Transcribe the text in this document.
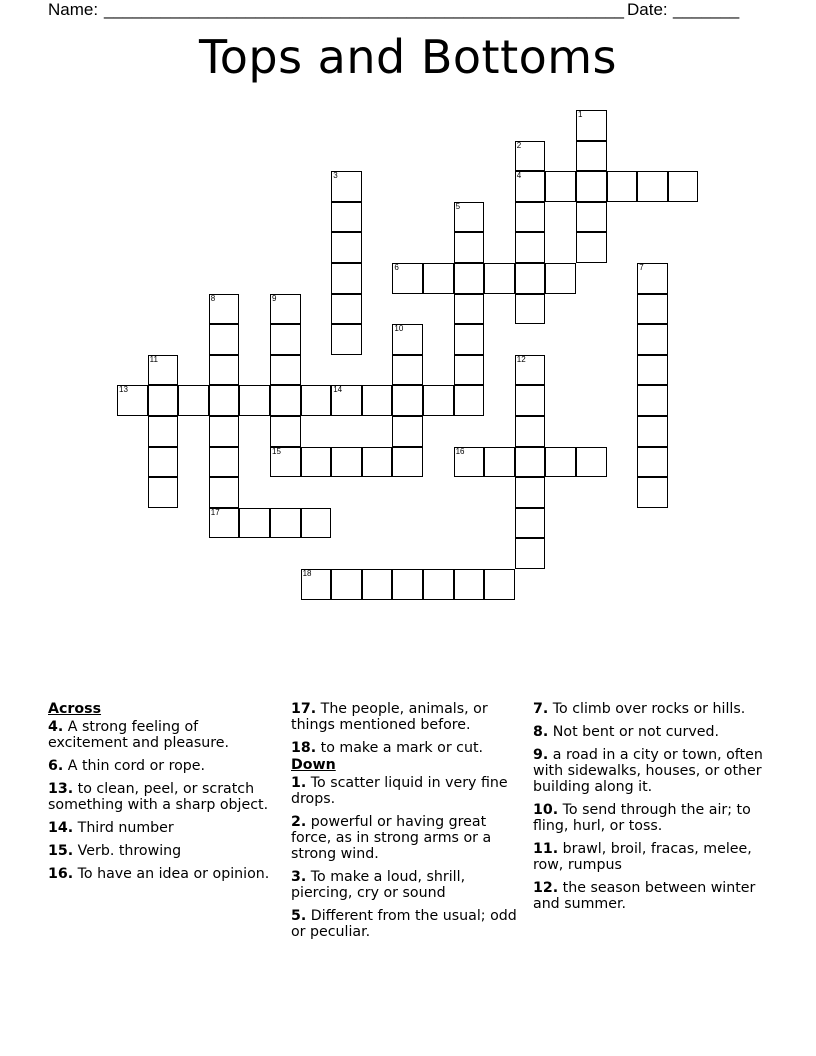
Name:

_______________________________________________________

Date:

_______

Tops and Bottoms
1
2
4
3
5
6	7
8
17
9
15
10
11	12
13	14
16
18
Across
4. A strong feeling of excitement and pleasure.
6. A thin cord or rope.
13. to clean, peel, or scratch something with a sharp object.
14. Third number
15. Verb. throwing
16. To have an idea or opinion.
17. The people, animals, or things mentioned before.
18. to make a mark or cut.
Down
1. To scatter liquid in very fine drops.
2. powerful or having great force, as in strong arms or a strong wind.
3. To make a loud, shrill, piercing, cry or sound
5. Different from the usual; odd or peculiar.
7. To climb over rocks or hills.
8. Not bent or not curved.
9. a road in a city or town, often with sidewalks, houses, or other building along it.
10. To send through the air; to fling, hurl, or toss.
11. brawl, broil, fracas, melee, row, rumpus
12. the season between winter and summer.
